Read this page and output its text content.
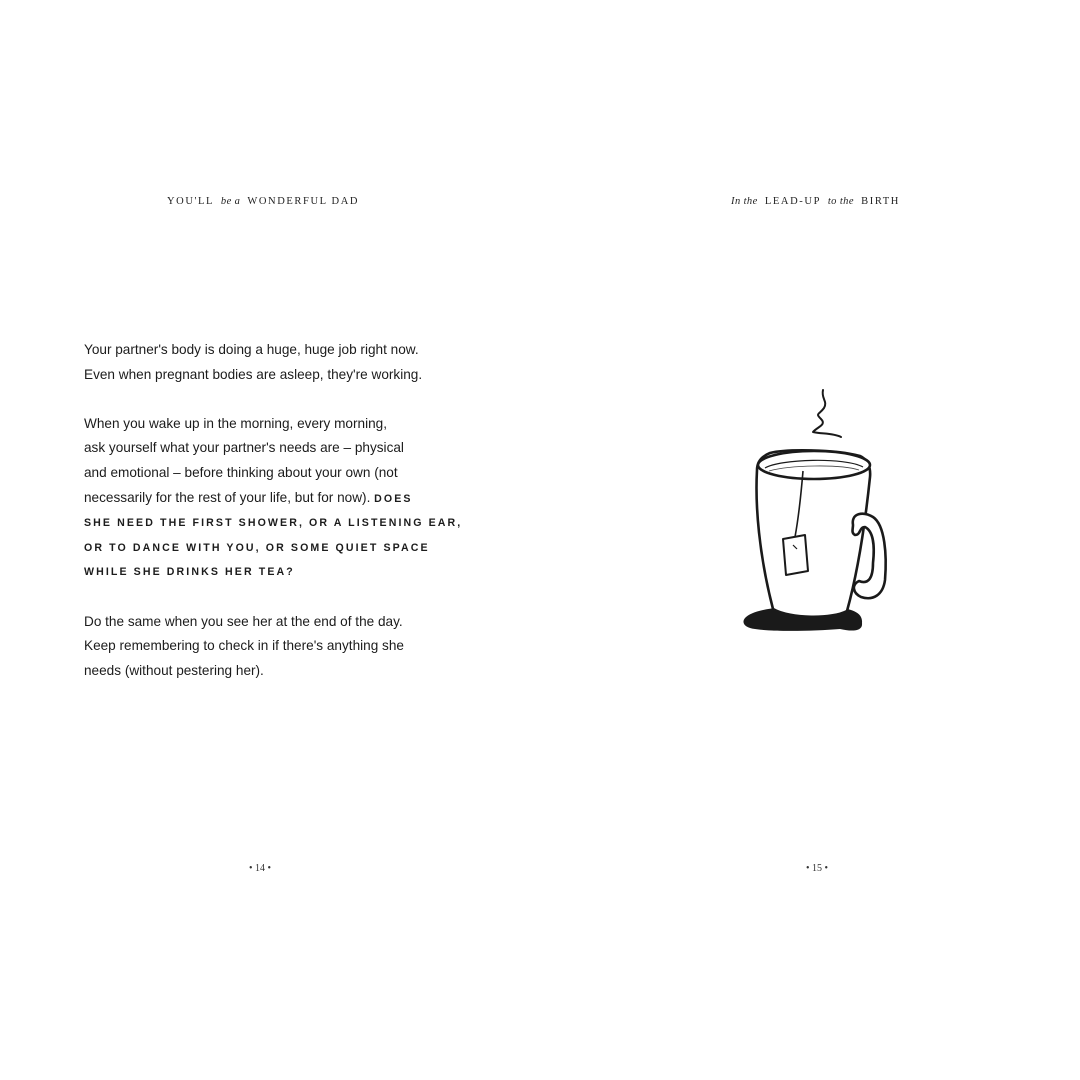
YOU'LL be a WONDERFUL DAD

Your partner's body is doing a huge, huge job right now.
Even when pregnant bodies are asleep, they're working.

When you wake up in the morning, every morning,
ask yourself what your partner's needs are – physical
and emotional – before thinking about your own (not
necessarily for the rest of your life, but for now). DOES
SHE NEED THE FIRST SHOWER, OR A LISTENING EAR,
OR TO DANCE WITH YOU, OR SOME QUIET SPACE
WHILE SHE DRINKS HER TEA?

Do the same when you see her at the end of the day.
Keep remembering to check in if there's anything she
needs (without pestering her).

• 14 •
In the LEAD-UP to the BIRTH
• 15 •
